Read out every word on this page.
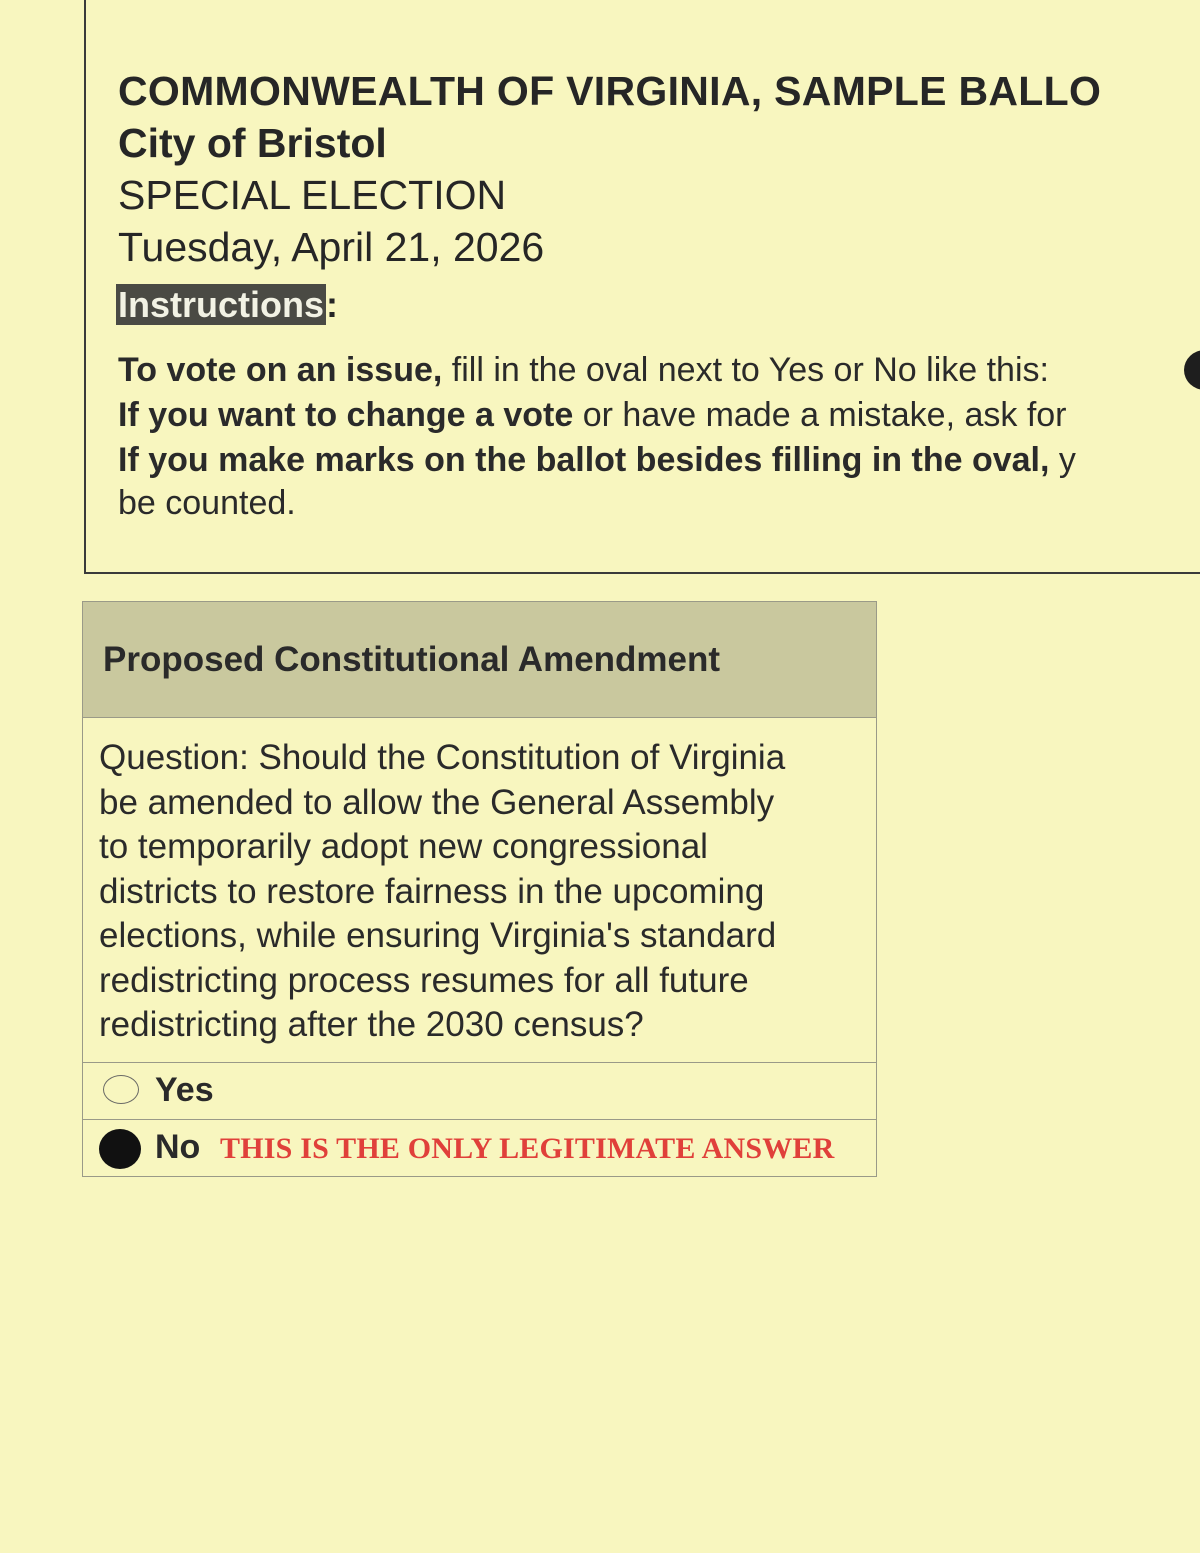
COMMONWEALTH OF VIRGINIA, SAMPLE BALLO
City of Bristol
SPECIAL ELECTION
Tuesday, April 21, 2026
Instructions:
To vote on an issue, fill in the oval next to Yes or No like this:
If you want to change a vote or have made a mistake, ask for
If you make marks on the ballot besides filling in the oval, y
be counted.
Proposed Constitutional Amendment
Question: Should the Constitution of Virginia
be amended to allow the General Assembly
to temporarily adopt new congressional
districts to restore fairness in the upcoming
elections, while ensuring Virginia's standard
redistricting process resumes for all future
redistricting after the 2030 census?
Yes
No THIS IS THE ONLY LEGITIMATE ANSWER
